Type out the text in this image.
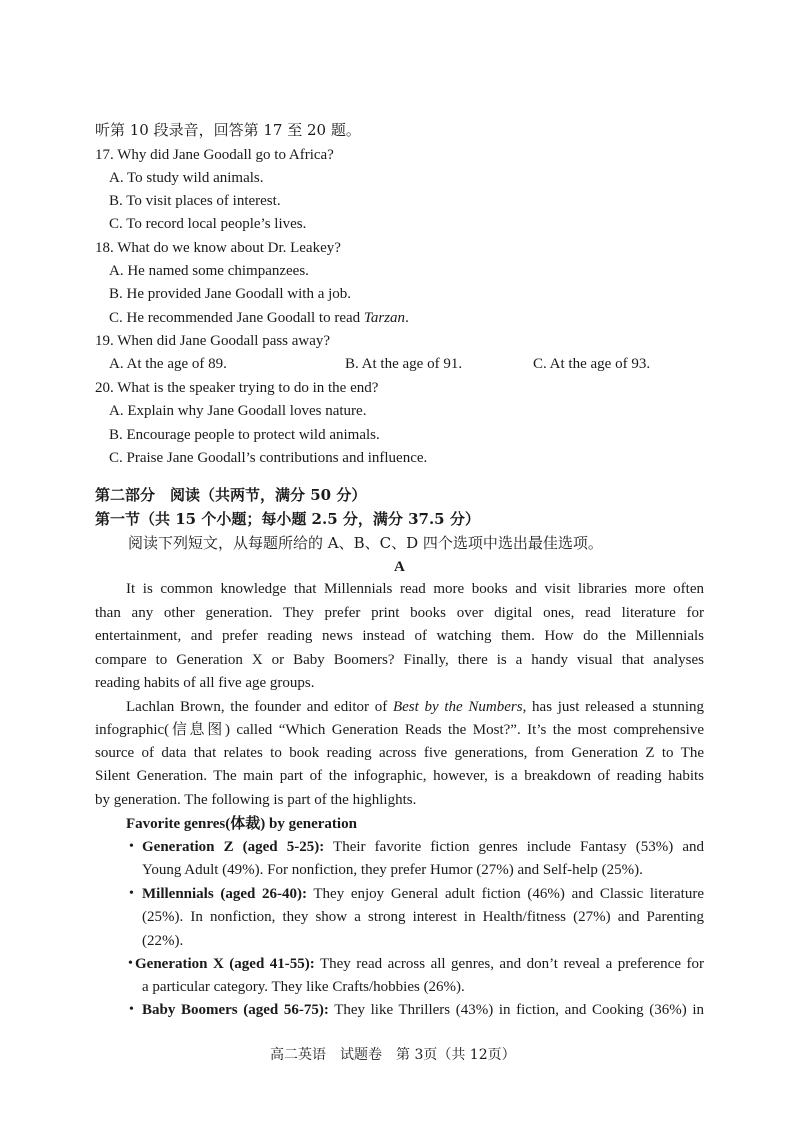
听第 10 段录音，回答第 17 至 20 题。
17. Why did Jane Goodall go to Africa?
A. To study wild animals.
B. To visit places of interest.
C. To record local people’s lives.
18. What do we know about Dr. Leakey?
A. He named some chimpanzees.
B. He provided Jane Goodall with a job.
C. He recommended Jane Goodall to read Tarzan.
19. When did Jane Goodall pass away?
A. At the age of 89.	B. At the age of 91.	C. At the age of 93.
20. What is the speaker trying to do in the end?
A. Explain why Jane Goodall loves nature.
B. Encourage people to protect wild animals.
C. Praise Jane Goodall’s contributions and influence.
第二部分　阅读（共两节，满分 50 分）
第一节（共 15 个小题；每小题 2.5 分，满分 37.5 分）
阅读下列短文，从每题所给的 A、B、C、D 四个选项中选出最佳选项。
A
It is common knowledge that Millennials read more books and visit libraries more often
than any other generation. They prefer print books over digital ones, read literature for
entertainment, and prefer reading news instead of watching them. How do the Millennials
compare to Generation X or Baby Boomers? Finally, there is a handy visual that analyses
reading habits of all five age groups.
Lachlan Brown, the founder and editor of Best by the Numbers, has just released a stunning
infographic(信息图) called “Which Generation Reads the Most?”. It’s the most comprehensive
source of data that relates to book reading across five generations, from Generation Z to The
Silent Generation. The main part of the infographic, however, is a breakdown of reading habits
by generation. The following is part of the highlights.
Favorite genres(体裁) by generation
• Generation Z (aged 5-25): Their favorite fiction genres include Fantasy (53%) and
Young Adult (49%). For nonfiction, they prefer Humor (27%) and Self-help (25%).
• Millennials (aged 26-40): They enjoy General adult fiction (46%) and Classic literature
(25%). In nonfiction, they show a strong interest in Health/fitness (27%) and Parenting
(22%).
• Generation X (aged 41-55): They read across all genres, and don’t reveal a preference for
a particular category. They like Crafts/hobbies (26%).
• Baby Boomers (aged 56-75): They like Thrillers (43%) in fiction, and Cooking (36%) in
高二英语　试题卷　第 3页（共 12页）
